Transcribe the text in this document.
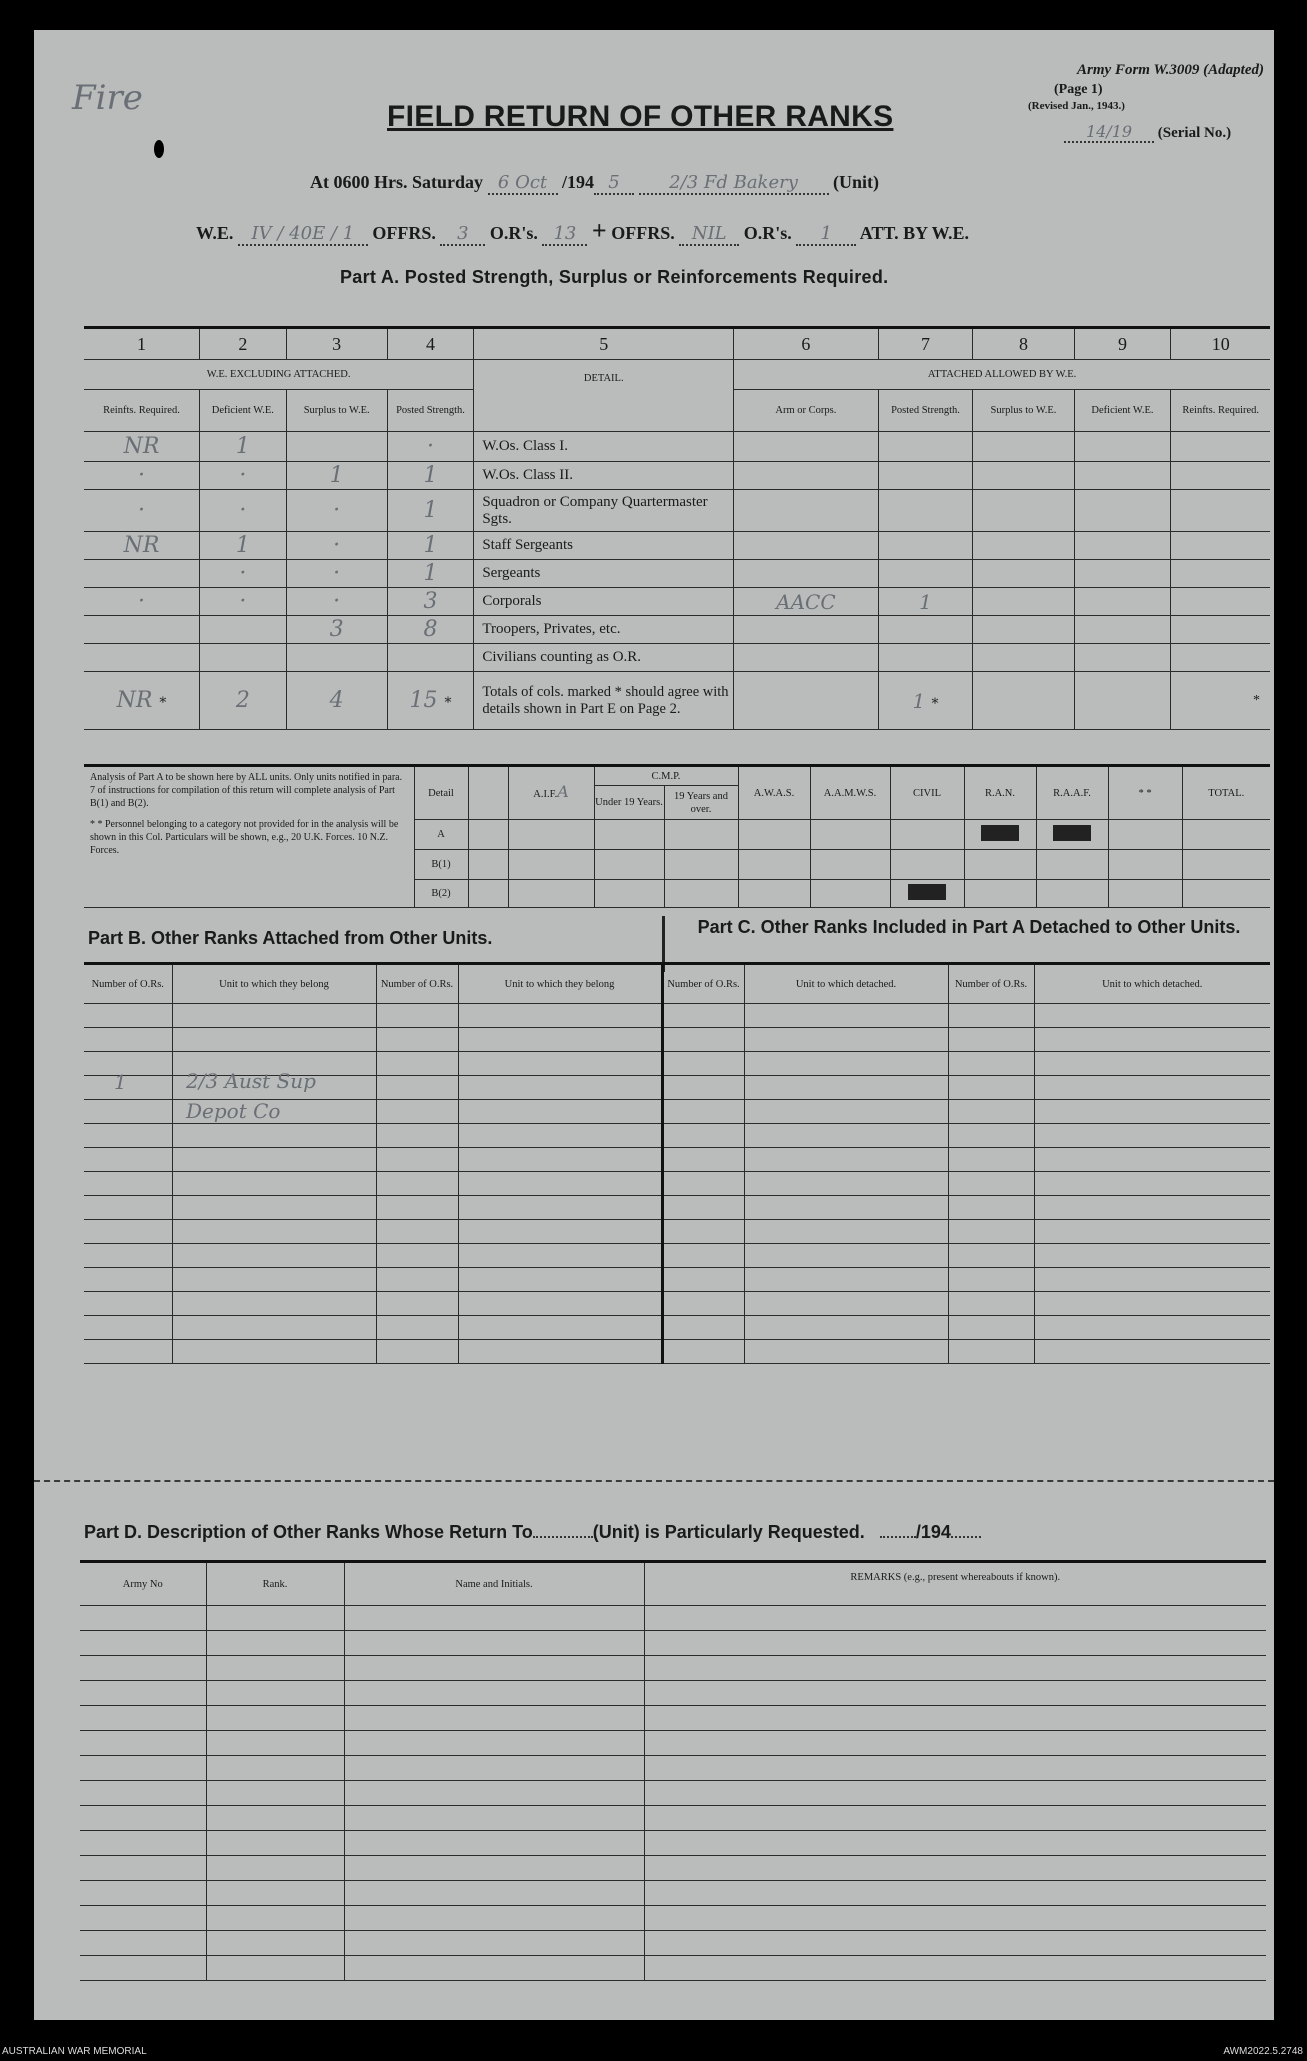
Fire
Army Form W.3009 (Adapted)
(Page 1)
(Revised Jan., 1943.)
14/19 (Serial No.)
FIELD RETURN OF OTHER RANKS
At 0600 Hrs. Saturday 6 Oct /194 5	2/3 Fd Bakery (Unit)
W.E. IV / 40E / 1 OFFRS. 3 O.R's. 13 + OFFRS. NIL O.R's. 1 ATT. BY W.E.
Part A. Posted Strength, Surplus or Reinforcements Required.
1	2	3	4	5	6	7	8	9	10
W.E. EXCLUDING ATTACHED.				DETAIL.	ATTACHED ALLOWED BY W.E.				
Reinfts. Required.	Deficient W.E.	Surplus to W.E.	Posted Strength.		Arm or Corps.	Posted Strength.	Surplus to W.E.	Deficient W.E.	Reinfts. Required.
NR	1		·	W.Os. Class I.					
·	·	1	1	W.Os. Class II.					
·	·	·	1	Squadron or Company Quartermaster Sgts.					
NR	1	·	1	Staff Sergeants					
	·	·	1	Sergeants					
·	·	·	3	Corporals	AACC	1			
		3	8	Troopers, Privates, etc.					
				Civilians counting as O.R.					
NR *	2	4	15 *	Totals of cols. marked * should agree with details shown in Part E on Page 2.		1 *			*
Analysis of Part A to be shown here by ALL units. Only units notified in para. 7 of instructions for compilation of this return will complete analysis of Part B(1) and B(2).
* * Personnel belonging to a category not provided for in the analysis will be shown in this Col. Particulars will be shown, e.g., 20 U.K. Forces. 10 N.Z. Forces.	Detail		A.I.F.A	C.M.P.		A.W.A.S.	A.A.M.W.S.	CIVIL	R.A.N.	R.A.A.F.	* *	TOTAL.
				Under 19 Years.	19 Years and over.							
	A											
	B(1)											
	B(2)											
Part B. Other Ranks Attached from Other Units.
Part C. Other Ranks Included in Part A Detached to Other Units.
Number of O.Rs.	Unit to which they belong	Number of O.Rs.	Unit to which they belong	Number of O.Rs.	Unit to which detached.	Number of O.Rs.	Unit to which detached.

1	2/3 Aust Sup Depot Co
Part D. Description of Other Ranks Whose Return To	(Unit) is Particularly Requested.	/194
Army No	Rank.	Name and Initials.	REMARKS (e.g., present whereabouts if known).

AUSTRALIAN WAR MEMORIAL	AWM2022.5.2748
